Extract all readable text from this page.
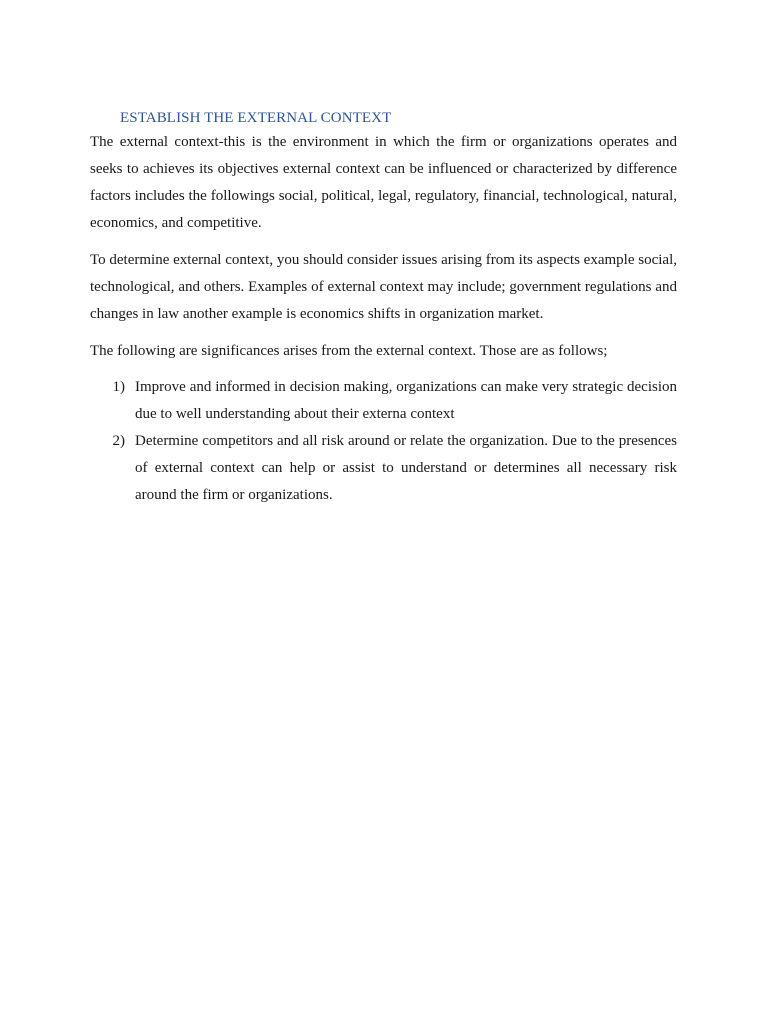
ESTABLISH THE EXTERNAL CONTEXT

The external context-this is the environment in which the firm or organizations operates and seeks to achieves its objectives external context can be influenced or characterized by difference factors includes the followings social, political, legal, regulatory, financial, technological, natural, economics, and competitive.

To determine external context, you should consider issues arising from its aspects example social, technological, and others. Examples of external context may include; government regulations and changes in law another example is economics shifts in organization market.

The following are significances arises from the external context. Those are as follows;

1) Improve and informed in decision making, organizations can make very strategic decision due to well understanding about their externa context
2) Determine competitors and all risk around or relate the organization. Due to the presences of external context can help or assist to understand or determines all necessary risk around the firm or organizations.
